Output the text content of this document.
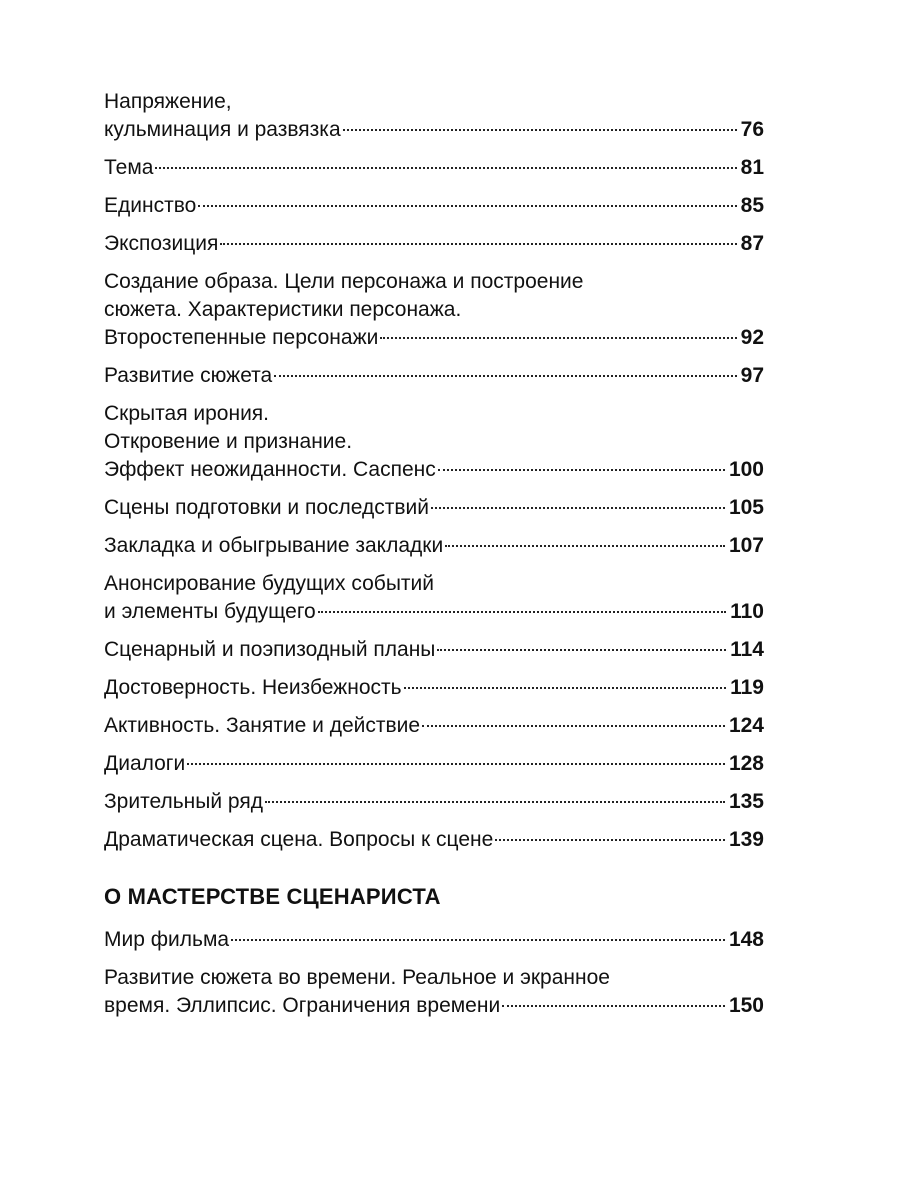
Напряжение,
кульминация и развязка	76
Тема	81
Единство	85
Экспозиция	87
Создание образа. Цели персонажа и построение
сюжета. Характеристики персонажа.
Второстепенные персонажи	92
Развитие сюжета	97
Скрытая ирония.
Откровение и признание.
Эффект неожиданности. Саспенс	100
Сцены подготовки и последствий	105
Закладка и обыгрывание закладки	107
Анонсирование будущих событий
и элементы будущего	110
Сценарный и поэпизодный планы	114
Достоверность. Неизбежность	119
Активность. Занятие и действие	124
Диалоги	128
Зрительный ряд	135
Драматическая сцена. Вопросы к сцене	139
О МАСТЕРСТВЕ СЦЕНАРИСТА
Мир фильма	148
Развитие сюжета во времени. Реальное и экранное
время. Эллипсис. Ограничения времени	150
